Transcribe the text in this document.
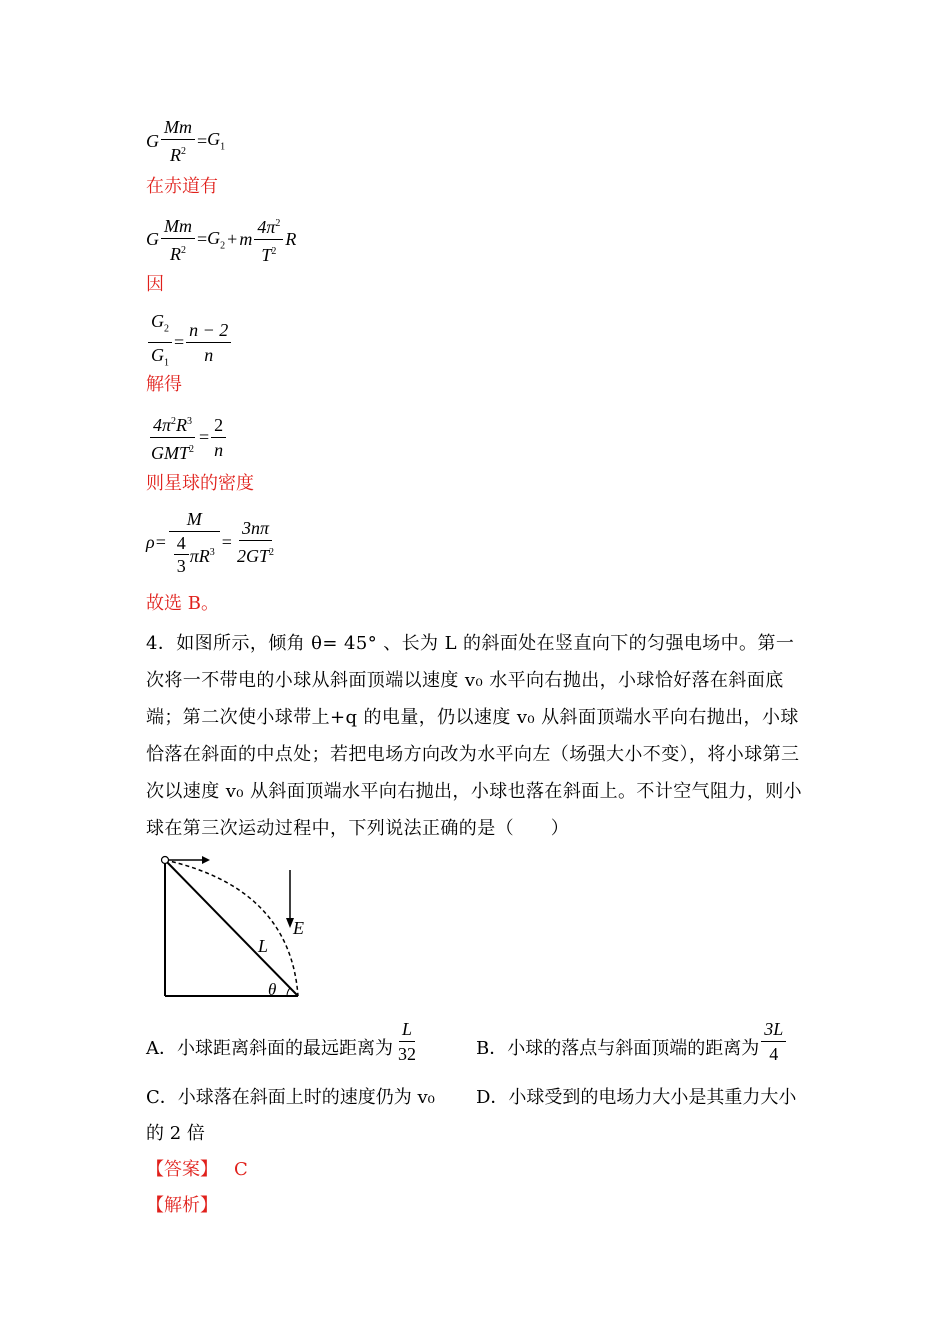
G $\frac{Mm}{R^2} = G_1$
在赤道有
G $\frac{Mm}{R^2} = G_2 + m \frac{4\pi^2}{T^2}$ R
因
$\frac{G_2}{G_1} = \frac{n - 2}{n}$
解得
$\frac{4\pi^2R^3}{GMT^2} = \frac{2}{n}$
则星球的密度
$\rho= \frac{M}{\frac{4}{3} \pi R^3} = \frac{3n\pi}{2GT^2}$
故选 B。
4．如图所示，倾角 θ= 45° 、长为 L 的斜面处在竖直向下的匀强电场中。第一次将一不带电的小球从斜面顶端以速度 v₀ 水平向右抛出，小球恰好落在斜面底端；第二次使小球带上+q 的电量，仍以速度 v₀ 从斜面顶端水平向右抛出，小球恰落在斜面的中点处；若把电场方向改为水平向左（场强大小不变），将小球第三次以速度 v₀ 从斜面顶端水平向右抛出，小球也落在斜面上。不计空气阻力，则小球在第三次运动过程中，下列说法正确的是（　　）
E
L
θ
A．小球距离斜面的最远距离为 $\frac{L}{32}$	B．小球的落点与斜面顶端的距离为 $\frac{3L}{4}$
C．小球落在斜面上时的速度仍为 v₀ D．小球受到的电场力大小是其重力大小
的 2 倍
【答案】 C
【解析】
